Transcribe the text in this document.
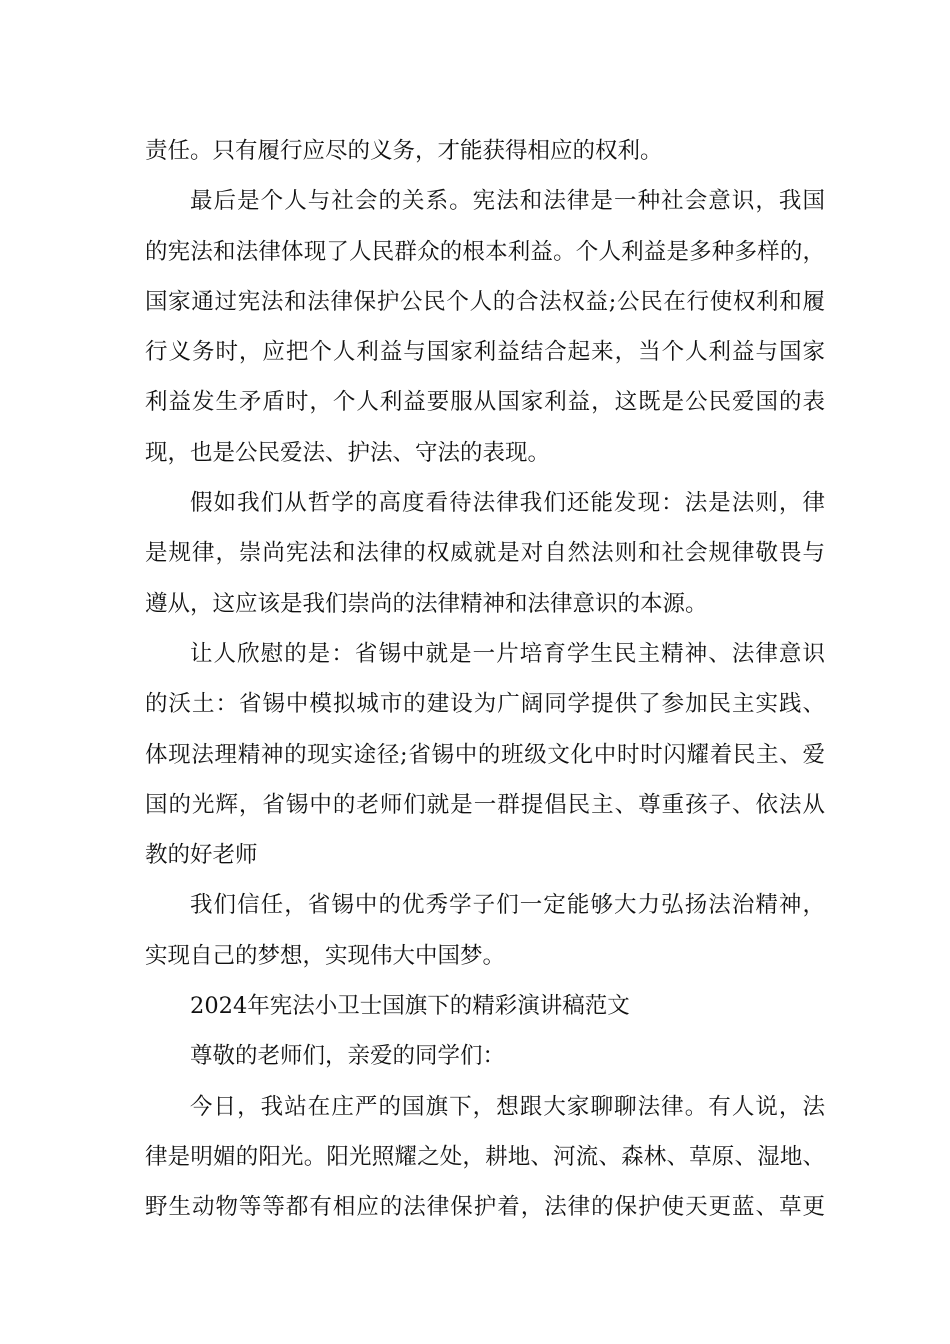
责任。只有履行应尽的义务，才能获得相应的权利。
最后是个人与社会的关系。宪法和法律是一种社会意识，我国
的宪法和法律体现了人民群众的根本利益。个人利益是多种多样的，
国家通过宪法和法律保护公民个人的合法权益;公民在行使权利和履
行义务时，应把个人利益与国家利益结合起来，当个人利益与国家
利益发生矛盾时，个人利益要服从国家利益，这既是公民爱国的表
现，也是公民爱法、护法、守法的表现。
假如我们从哲学的高度看待法律我们还能发现：法是法则，律
是规律，崇尚宪法和法律的权威就是对自然法则和社会规律敬畏与
遵从，这应该是我们崇尚的法律精神和法律意识的本源。
让人欣慰的是：省锡中就是一片培育学生民主精神、法律意识
的沃土：省锡中模拟城市的建设为广阔同学提供了参加民主实践、
体现法理精神的现实途径;省锡中的班级文化中时时闪耀着民主、爱
国的光辉，省锡中的老师们就是一群提倡民主、尊重孩子、依法从
教的好老师
我们信任，省锡中的优秀学子们一定能够大力弘扬法治精神，
实现自己的梦想，实现伟大中国梦。
2024年宪法小卫士国旗下的精彩演讲稿范文
尊敬的老师们，亲爱的同学们：
今日，我站在庄严的国旗下，想跟大家聊聊法律。有人说，法
律是明媚的阳光。阳光照耀之处，耕地、河流、森林、草原、湿地、
野生动物等等都有相应的法律保护着，法律的保护使天更蓝、草更
